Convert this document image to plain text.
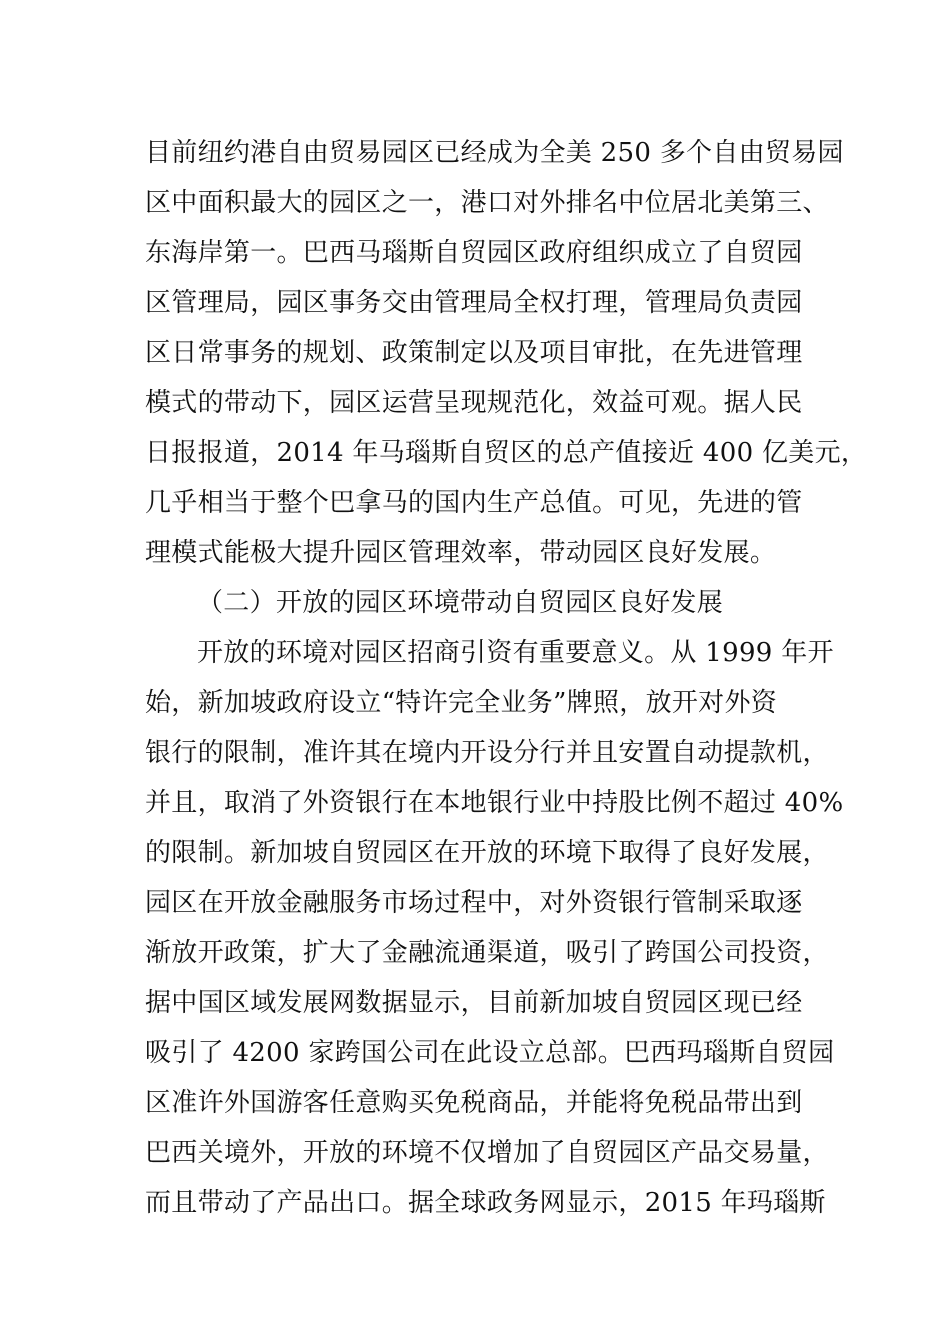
目前纽约港自由贸易园区已经成为全美 250 多个自由贸易园
区中面积最大的园区之一，港口对外排名中位居北美第三、
东海岸第一。巴西马瑙斯自贸园区政府组织成立了自贸园
区管理局，园区事务交由管理局全权打理，管理局负责园
区日常事务的规划、政策制定以及项目审批，在先进管理
模式的带动下，园区运营呈现规范化，效益可观。据人民
日报报道，2014 年马瑙斯自贸区的总产值接近 400 亿美元，
几乎相当于整个巴拿马的国内生产总值。可见，先进的管
理模式能极大提升园区管理效率，带动园区良好发展。
（二）开放的园区环境带动自贸园区良好发展
开放的环境对园区招商引资有重要意义。从 1999 年开
始，新加坡政府设立“特许完全业务”牌照，放开对外资
银行的限制，准许其在境内开设分行并且安置自动提款机，
并且，取消了外资银行在本地银行业中持股比例不超过 40%
的限制。新加坡自贸园区在开放的环境下取得了良好发展，
园区在开放金融服务市场过程中，对外资银行管制采取逐
渐放开政策，扩大了金融流通渠道，吸引了跨国公司投资，
据中国区域发展网数据显示，目前新加坡自贸园区现已经
吸引了 4200 家跨国公司在此设立总部。巴西玛瑙斯自贸园
区准许外国游客任意购买免税商品，并能将免税品带出到
巴西关境外，开放的环境不仅增加了自贸园区产品交易量，
而且带动了产品出口。据全球政务网显示，2015 年玛瑙斯
